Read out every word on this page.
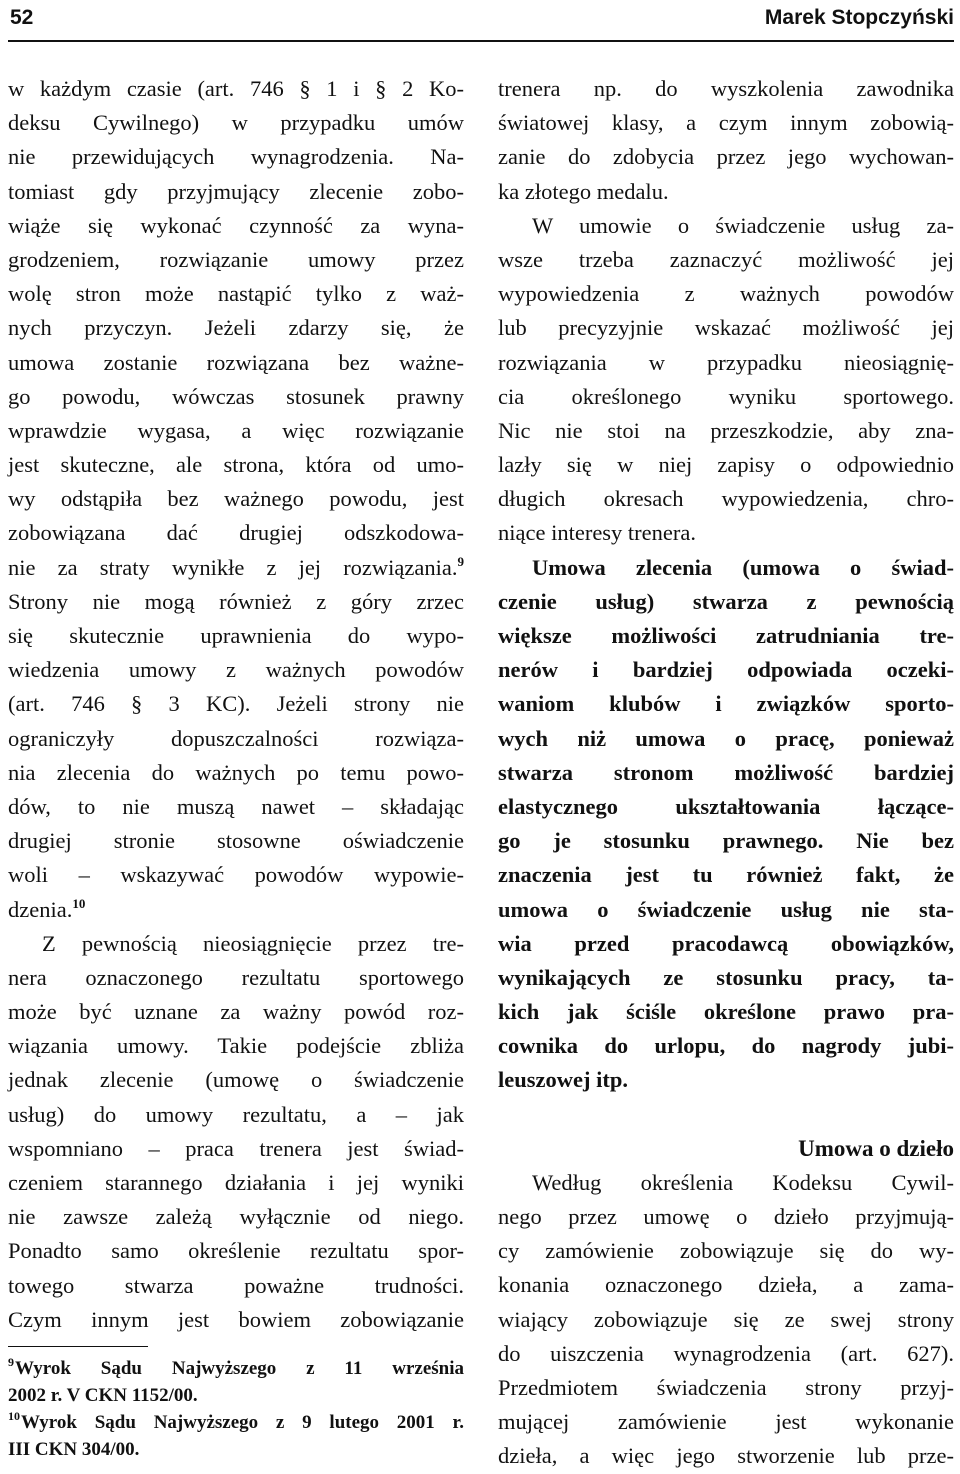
52	Marek Stopczyński
w każdym czasie (art. 746 § 1 i § 2 Ko-
deksu Cywilnego) w przypadku umów
nie przewidujących wynagrodzenia. Na-
tomiast gdy przyjmujący zlecenie zobo-
wiąże się wykonać czynność za wyna-
grodzeniem, rozwiązanie umowy przez
wolę stron może nastąpić tylko z waż-
nych przyczyn. Jeżeli zdarzy się, że
umowa zostanie rozwiązana bez ważne-
go powodu, wówczas stosunek prawny
wprawdzie wygasa, a więc rozwiązanie
jest skuteczne, ale strona, która od umo-
wy odstąpiła bez ważnego powodu, jest
zobowiązana dać drugiej odszkodowa-
nie za straty wynikłe z jej rozwiązania.$^9$
Strony nie mogą również z góry zrzec
się skutecznie uprawnienia do wypo-
wiedzenia umowy z ważnych powodów
(art. 746 § 3 KC). Jeżeli strony nie
ograniczyły dopuszczalności rozwiąza-
nia zlecenia do ważnych po temu powo-
dów, to nie muszą nawet – składając
drugiej stronie stosowne oświadczenie
woli – wskazywać powodów wypowie-
dzenia.$^{10}$
Z pewnością nieosiągnięcie przez tre-
nera oznaczonego rezultatu sportowego
może być uznane za ważny powód roz-
wiązania umowy. Takie podejście zbliża
jednak zlecenie (umowę o świadczenie
usług) do umowy rezultatu, a – jak
wspomniano – praca trenera jest świad-
czeniem starannego działania i jej wyniki
nie zawsze zależą wyłącznie od niego.
Ponadto samo określenie rezultatu spor-
towego stwarza poważne trudności.
Czym innym jest bowiem zobowiązanie
$^9$Wyrok Sądu Najwyższego z 11 września
2002 r. V CKN 1152/00.
$^{10}$Wyrok Sądu Najwyższego z 9 lutego 2001 r.
III CKN 304/00.
trenera np. do wyszkolenia zawodnika
światowej klasy, a czym innym zobowią-
zanie do zdobycia przez jego wychowan-
ka złotego medalu.
W umowie o świadczenie usług za-
wsze trzeba zaznaczyć możliwość jej
wypowiedzenia z ważnych powodów
lub precyzyjnie wskazać możliwość jej
rozwiązania w przypadku nieosiągnię-
cia określonego wyniku sportowego.
Nic nie stoi na przeszkodzie, aby zna-
lazły się w niej zapisy o odpowiednio
długich okresach wypowiedzenia, chro-
niące interesy trenera.
Umowa zlecenia (umowa o świad-
czenie usług) stwarza z pewnością
większe możliwości zatrudniania tre-
nerów i bardziej odpowiada oczeki-
waniom klubów i związków sporto-
wych niż umowa o pracę, ponieważ
stwarza stronom możliwość bardziej
elastycznego ukształtowania łączące-
go je stosunku prawnego. Nie bez
znaczenia jest tu również fakt, że
umowa o świadczenie usług nie sta-
wia przed pracodawcą obowiązków,
wynikających ze stosunku pracy, ta-
kich jak ściśle określone prawo pra-
cownika do urlopu, do nagrody jubi-
leuszowej itp.
Umowa o dzieło
Według określenia Kodeksu Cywil-
nego przez umowę o dzieło przyjmują-
cy zamówienie zobowiązuje się do wy-
konania oznaczonego dzieła, a zama-
wiający zobowiązuje się ze swej strony
do uiszczenia wynagrodzenia (art. 627).
Przedmiotem świadczenia strony przyj-
mującej zamówienie jest wykonanie
dzieła, a więc jego stworzenie lub prze-
